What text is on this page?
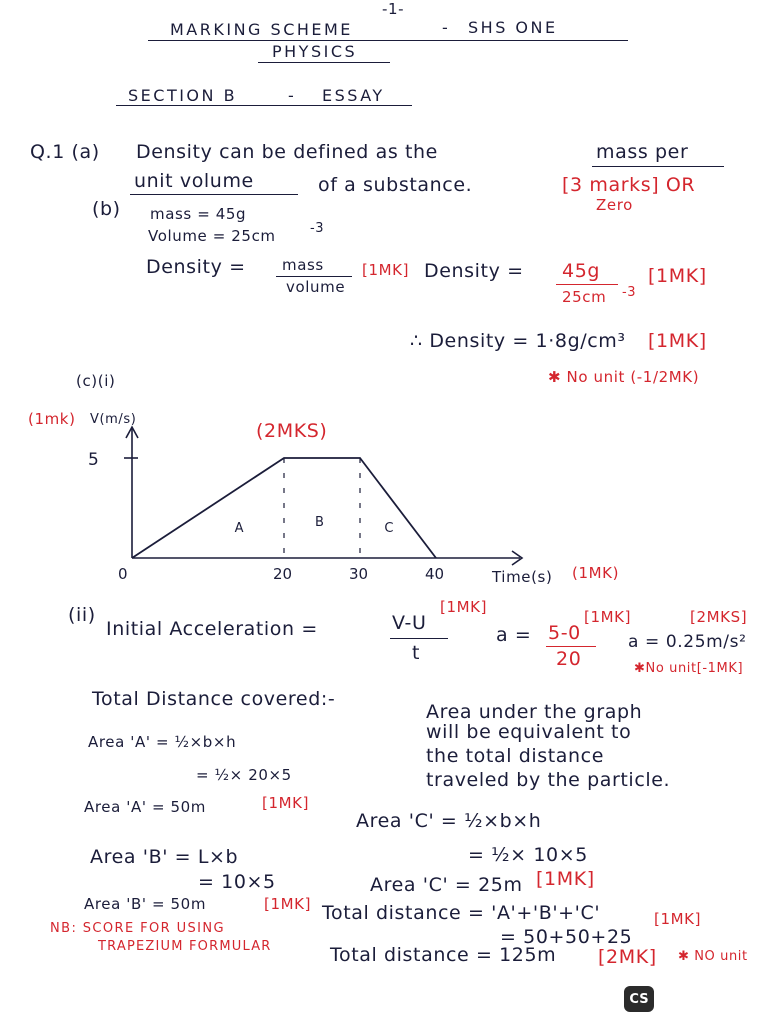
-1-
MARKING SCHEME	- SHS ONE
PHYSICS
SECTION B	- ESSAY
Q.1 (a) Density can be defined as the	mass per
unit volume	of a substance.	[3 marks] OR
Zero
(b) mass = 45g
Volume = 25cm	-3
Density = mass
volume
[1MK] Density = 45g
25cm -3
[1MK]
∴ Density = 1·8g/cm³ [1MK]
✱ No unit (-1/2MK)
(c)(i)
(1mk) V(m/s)
(2MKS)
Time(s) (1MK)
5
0	20	30	40
A	B	C
(ii)
Initial Acceleration =	V-U
t
[1MK]
a = 5-0
20
[1MK]
a = 0.25m/s²
[2MKS]
✱No unit[-1MK]
Total Distance covered:-
Area under the graph
will be equivalent to
the total distance
traveled by the particle.
Area 'A' = ½×b×h
= ½× 20×5
Area 'A' = 50m	[1MK]
Area 'C' = ½×b×h
= ½× 10×5
Area 'B' = L×b
= 10×5	Area 'C' = 25m [1MK]
Area 'B' = 50m	[1MK] Total distance = 'A'+'B'+'C'
NB: SCORE FOR USING	= 50+50+25
[1MK]
TRAPEZIUM FORMULAR	Total distance = 125m [2MK] ✱ NO unit
CS
